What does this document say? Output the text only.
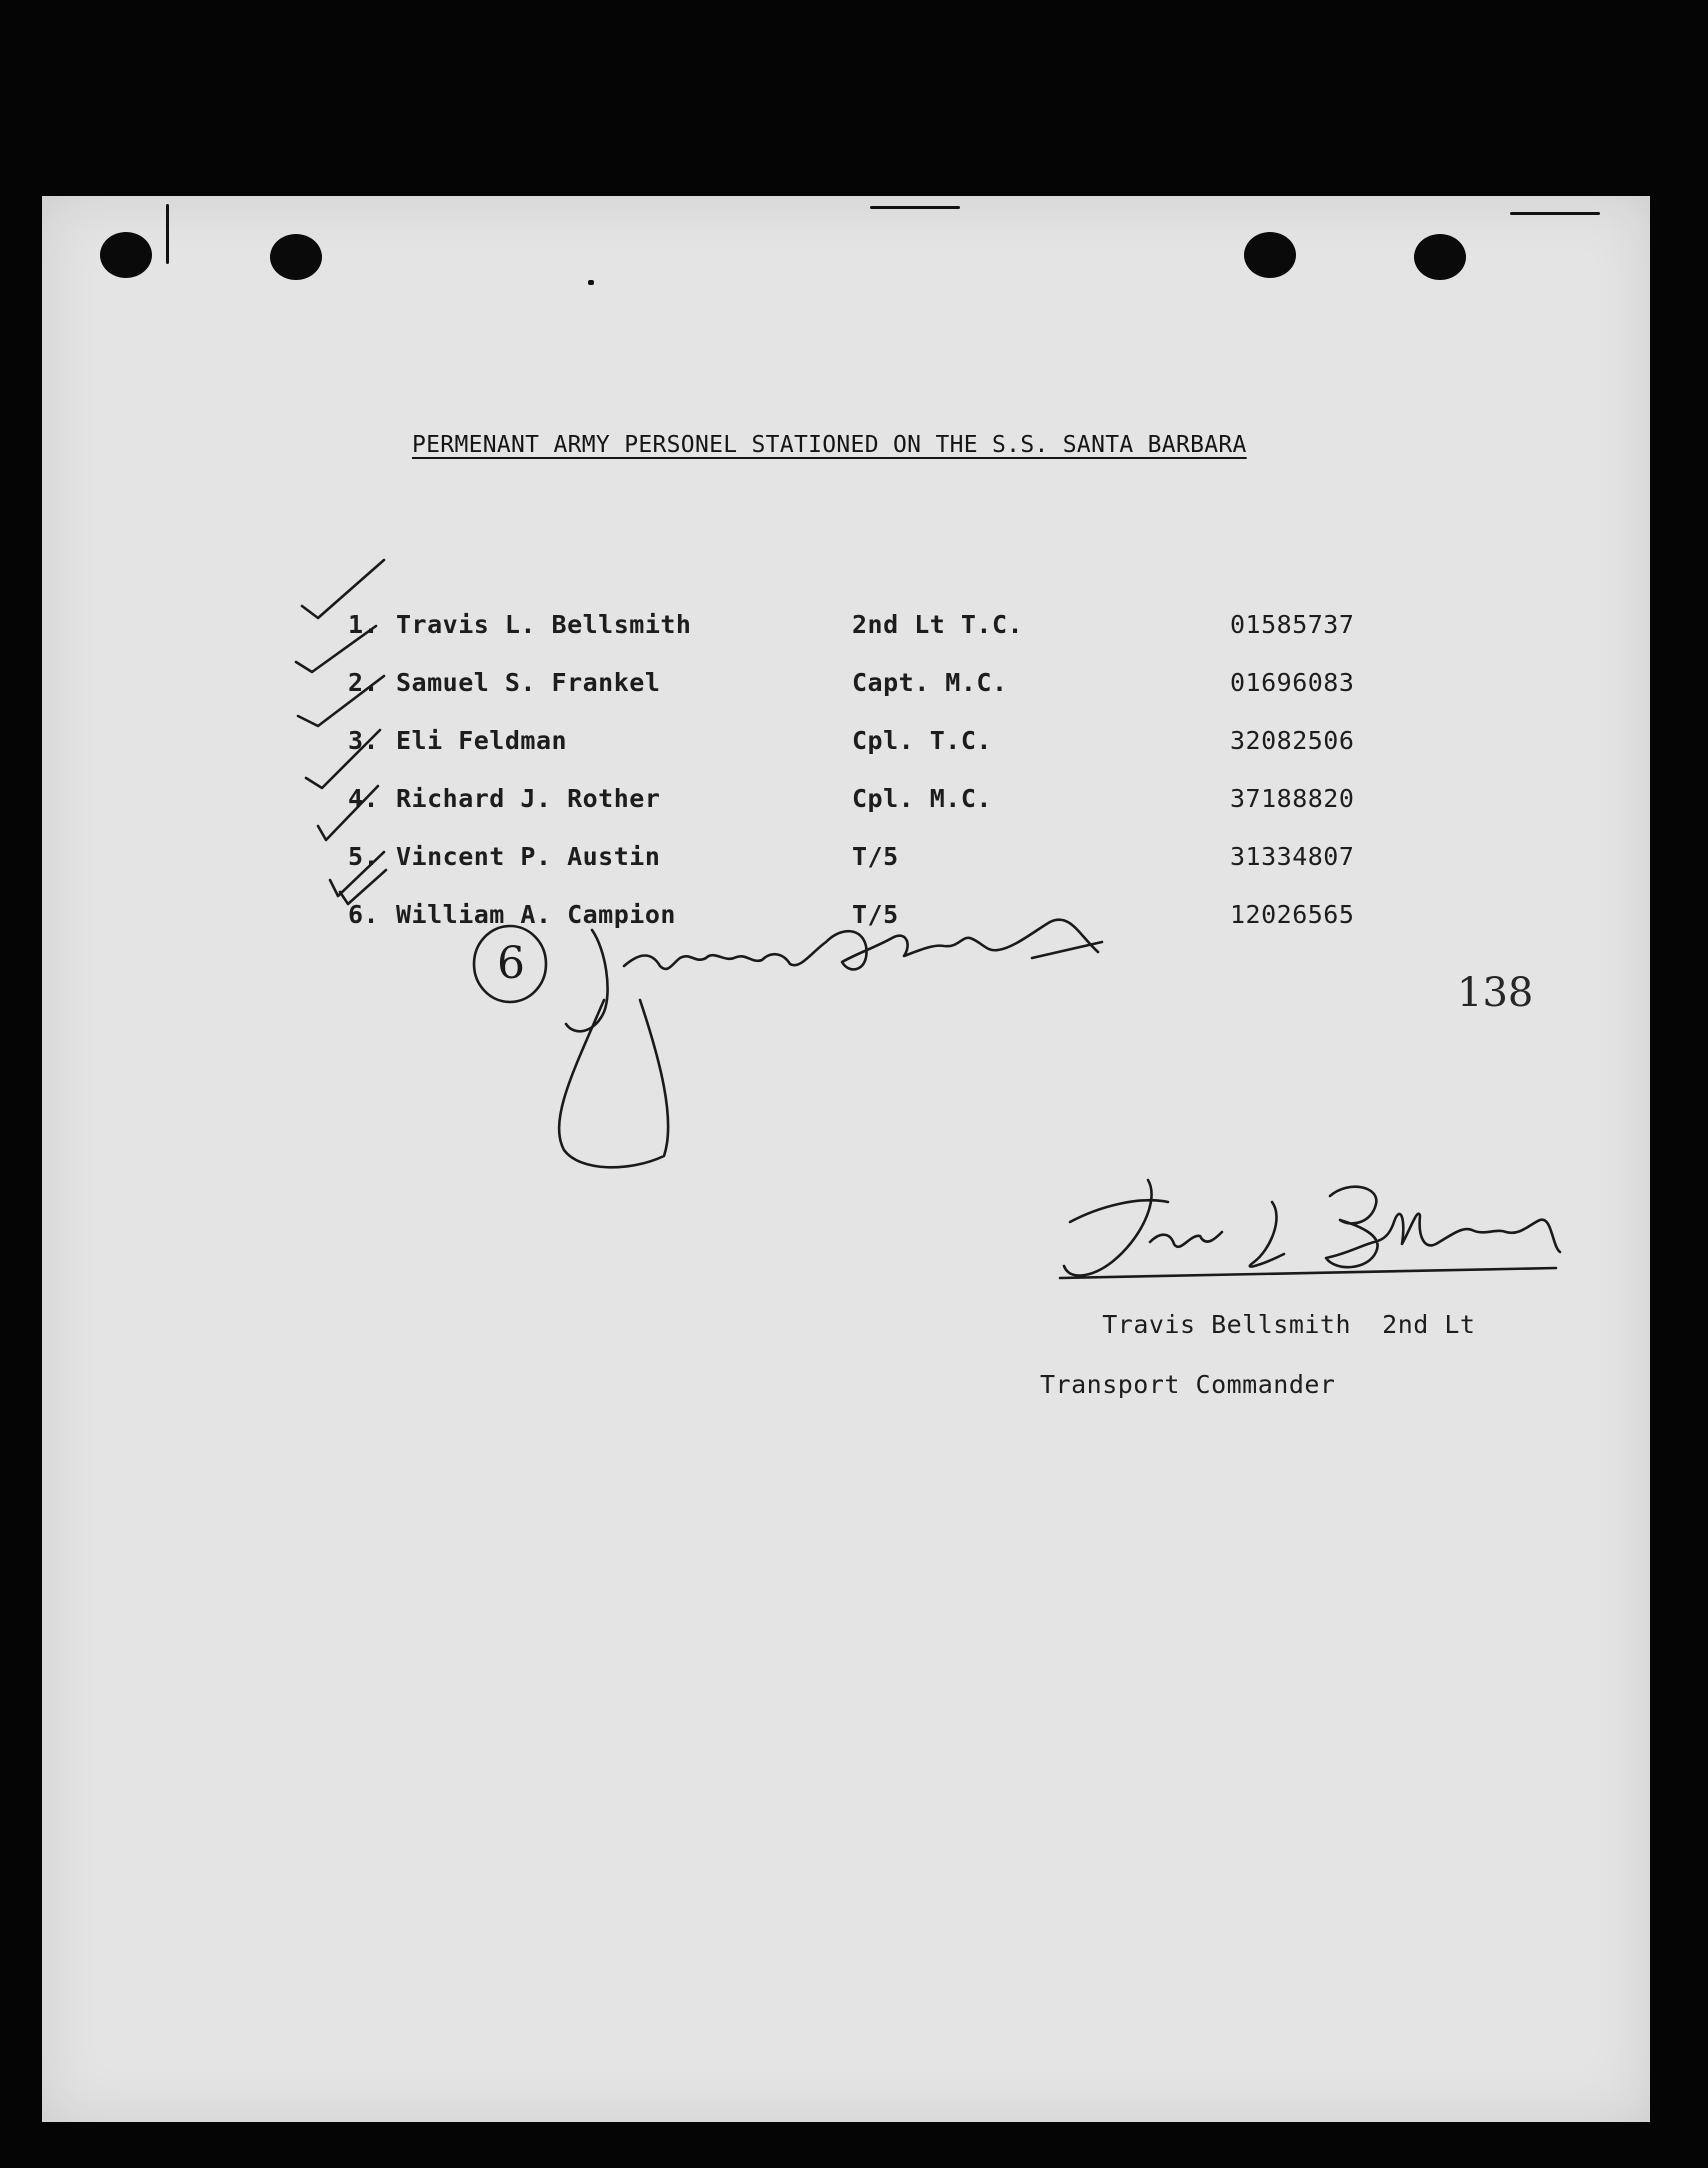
PERMENANT ARMY PERSONEL STATIONED ON THE S.S. SANTA BARBARA
1. Travis L. Bellsmith	2nd Lt T.C.	01585737
2. Samuel S. Frankel	Capt. M.C.	01696083
3. Eli Feldman	Cpl. T.C.	32082506
4. Richard J. Rother	Cpl. M.C.	37188820
5. Vincent P. Austin	T/5	31334807
6. William A. Campion	T/5	12026565
138
6

Travis Bellsmith 2nd Lt

Transport Commander
